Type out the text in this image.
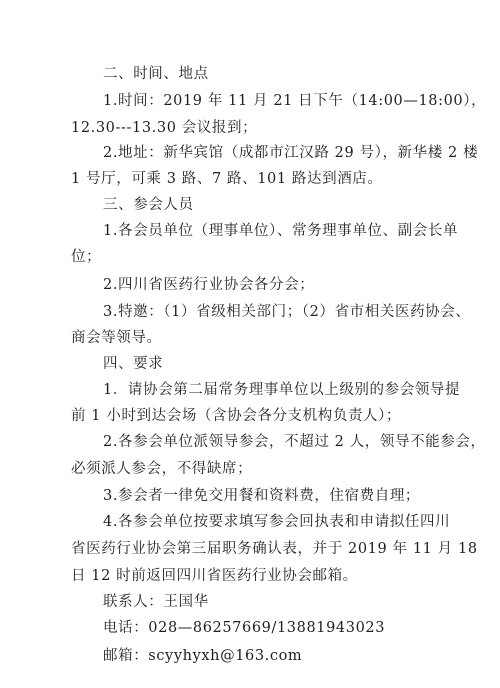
二、时间、地点
1.时间：2019 年 11 月 21 日下午（14:00—18:00），
12.30---13.30 会议报到；
2.地址：新华宾馆（成都市江汉路 29 号），新华楼 2 楼
1 号厅，可乘 3 路、7 路、101 路达到酒店。
三、参会人员
1.各会员单位（理事单位）、常务理事单位、副会长单
位；
2.四川省医药行业协会各分会；
3.特邀：（1）省级相关部门；（2）省市相关医药协会、
商会等领导。
四、要求
1．请协会第二届常务理事单位以上级别的参会领导提
前 1 小时到达会场（含协会各分支机构负责人）；
2.各参会单位派领导参会，不超过 2 人，领导不能参会，
必须派人参会，不得缺席；
3.参会者一律免交用餐和资料费，住宿费自理；
4.各参会单位按要求填写参会回执表和申请拟任四川
省医药行业协会第三届职务确认表，并于 2019 年 11 月 18
日 12 时前返回四川省医药行业协会邮箱。
联系人：王国华
电话：028—86257669/13881943023
邮箱：scyyhyxh@163.com
